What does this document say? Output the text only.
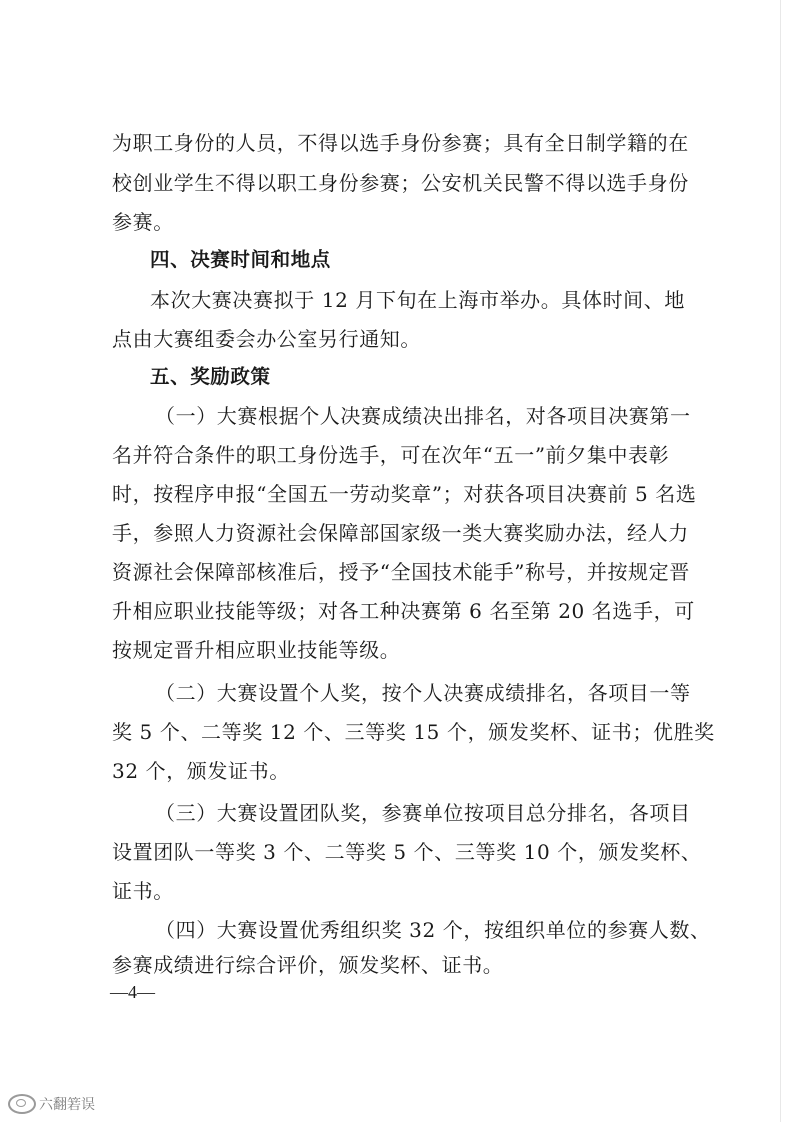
为职工身份的人员，不得以选手身份参赛；具有全日制学籍的在
校创业学生不得以职工身份参赛；公安机关民警不得以选手身份
参赛。
四、决赛时间和地点
本次大赛决赛拟于 12 月下旬在上海市举办。具体时间、地
点由大赛组委会办公室另行通知。
五、奖励政策
（一）大赛根据个人决赛成绩决出排名，对各项目决赛第一
名并符合条件的职工身份选手，可在次年“五一”前夕集中表彰
时，按程序申报“全国五一劳动奖章”；对获各项目决赛前 5 名选
手，参照人力资源社会保障部国家级一类大赛奖励办法，经人力
资源社会保障部核准后，授予“全国技术能手”称号，并按规定晋
升相应职业技能等级；对各工种决赛第 6 名至第 20 名选手，可
按规定晋升相应职业技能等级。
（二）大赛设置个人奖，按个人决赛成绩排名，各项目一等
奖 5 个、二等奖 12 个、三等奖 15 个，颁发奖杯、证书；优胜奖
32 个，颁发证书。
（三）大赛设置团队奖，参赛单位按项目总分排名，各项目
设置团队一等奖 3 个、二等奖 5 个、三等奖 10 个，颁发奖杯、
证书。
（四）大赛设置优秀组织奖 32 个，按组织单位的参赛人数、
参赛成绩进行综合评价，颁发奖杯、证书。
—4—
六翻箬误
